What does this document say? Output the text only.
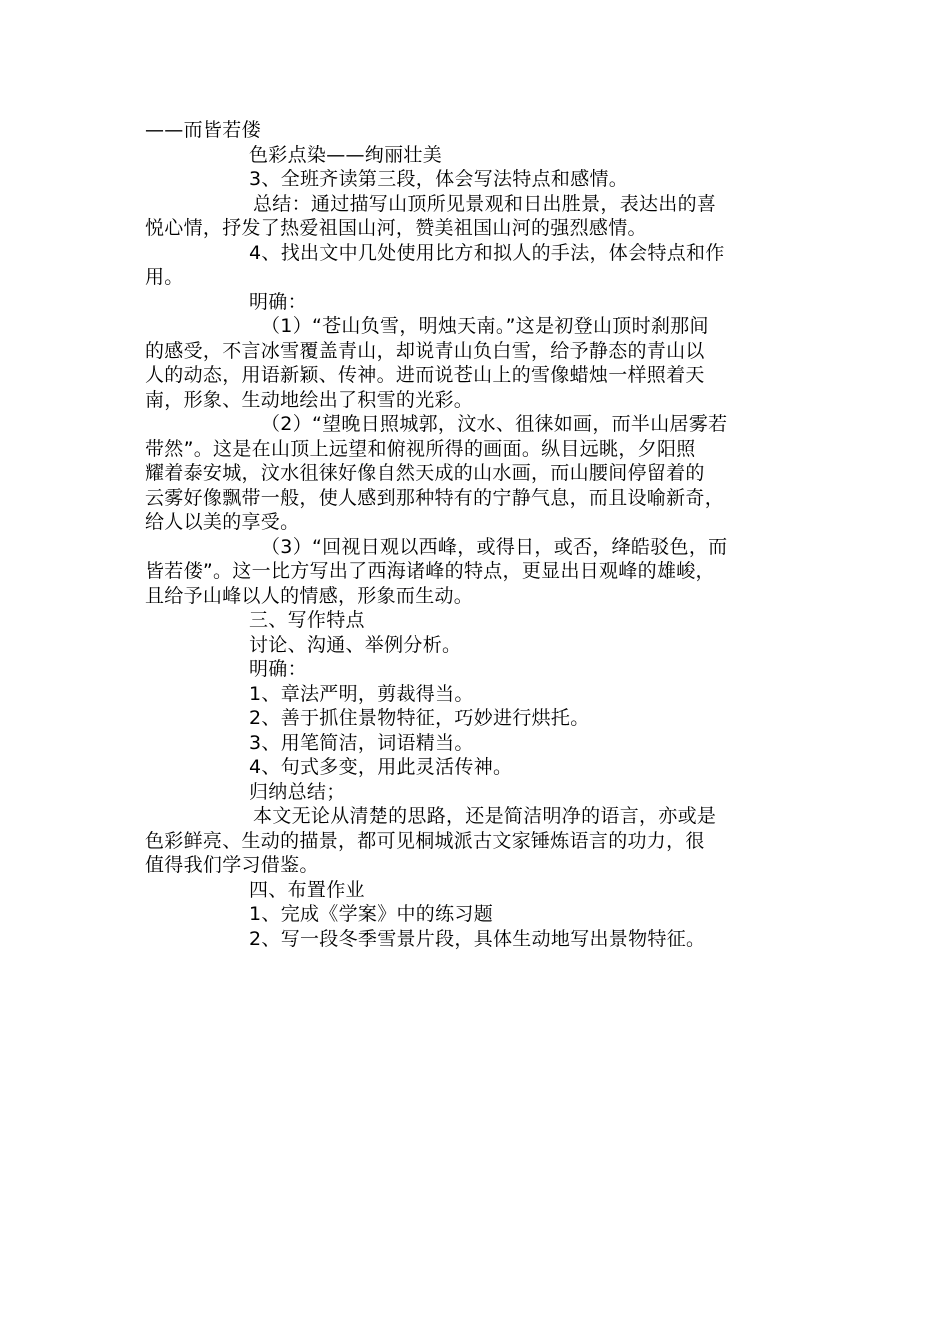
——而皆若偻
色彩点染——绚丽壮美
3、全班齐读第三段，体会写法特点和感情。
总结：通过描写山顶所见景观和日出胜景，表达出的喜
悦心情，抒发了热爱祖国山河，赞美祖国山河的强烈感情。
4、找出文中几处使用比方和拟人的手法，体会特点和作
用。
明确：
（1）“苍山负雪，明烛天南。”这是初登山顶时刹那间
的感受，不言冰雪覆盖青山，却说青山负白雪，给予静态的青山以
人的动态，用语新颖、传神。进而说苍山上的雪像蜡烛一样照着天
南，形象、生动地绘出了积雪的光彩。
（2）“望晚日照城郭，汶水、徂徕如画，而半山居雾若
带然”。这是在山顶上远望和俯视所得的画面。纵目远眺，夕阳照
耀着泰安城，汶水徂徕好像自然天成的山水画，而山腰间停留着的
云雾好像飘带一般，使人感到那种特有的宁静气息，而且设喻新奇，
给人以美的享受。
（3）“回视日观以西峰，或得日，或否，绛皓驳色，而
皆若偻”。这一比方写出了西海诸峰的特点，更显出日观峰的雄峻，
且给予山峰以人的情感，形象而生动。
三、写作特点
讨论、沟通、举例分析。
明确：
1、章法严明，剪裁得当。
2、善于抓住景物特征，巧妙进行烘托。
3、用笔简洁，词语精当。
4、句式多变，用此灵活传神。
归纳总结；
本文无论从清楚的思路，还是简洁明净的语言，亦或是
色彩鲜亮、生动的描景，都可见桐城派古文家锤炼语言的功力，很
值得我们学习借鉴。
四、布置作业
1、完成《学案》中的练习题
2、写一段冬季雪景片段，具体生动地写出景物特征。
